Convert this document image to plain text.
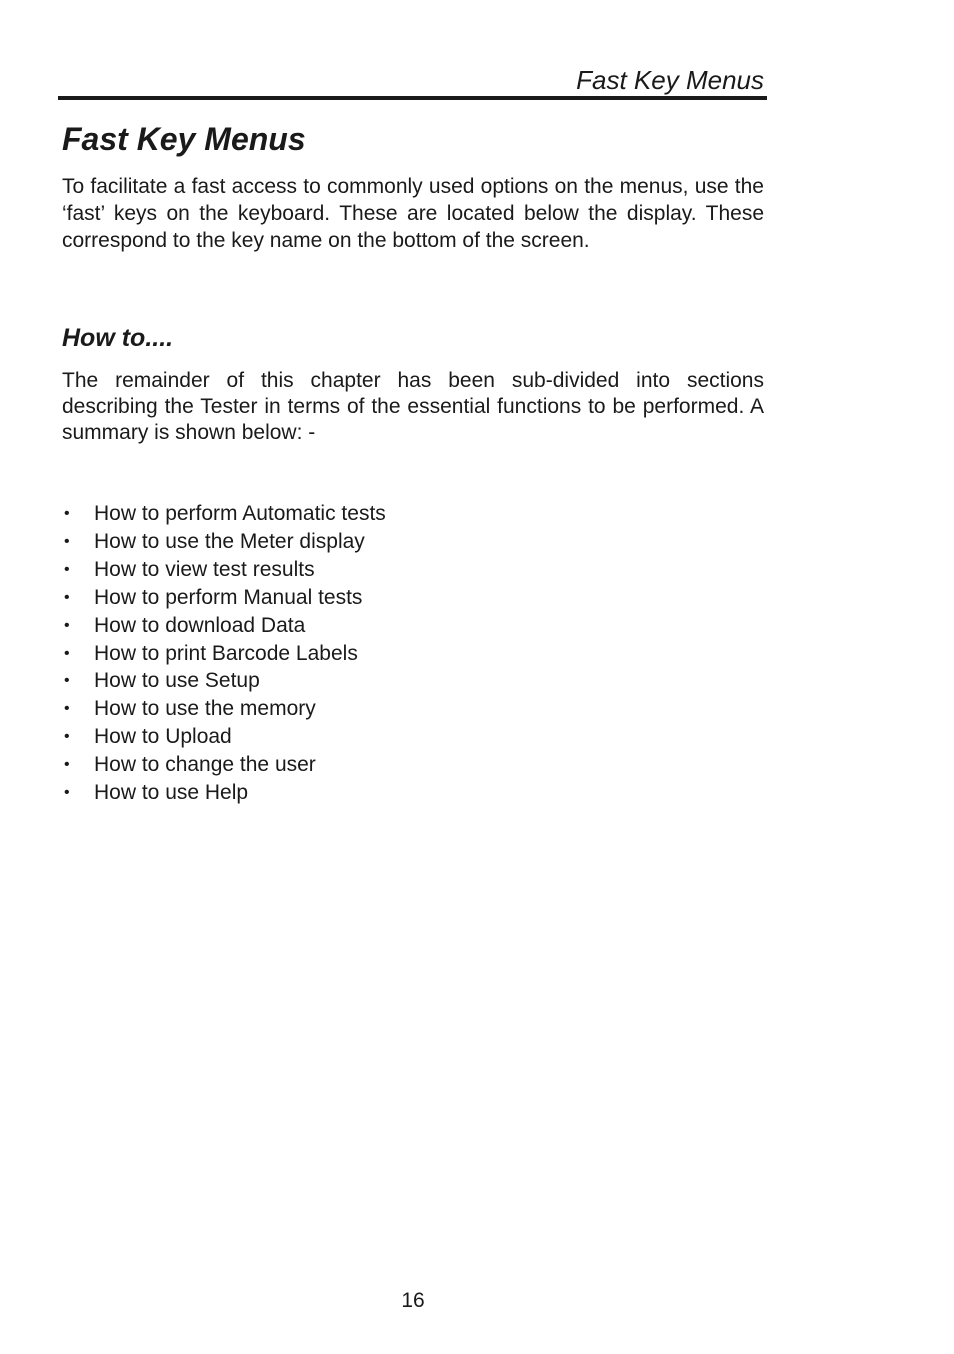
Fast Key Menus
Fast Key Menus

To facilitate a fast access to commonly used options on the menus, use the ‘fast’ keys on the keyboard. These are located below the display. These correspond to the key name on the bottom of the screen.

How to....

The remainder of this chapter has been sub-divided into sections describing the Tester in terms of the essential functions to be performed. A summary is shown below: -

• How to perform Automatic tests
• How to use the Meter display
• How to view test results
• How to perform Manual tests
• How to download Data
• How to print Barcode Labels
• How to use Setup
• How to use the memory
• How to Upload
• How to change the user
• How to use Help
16
